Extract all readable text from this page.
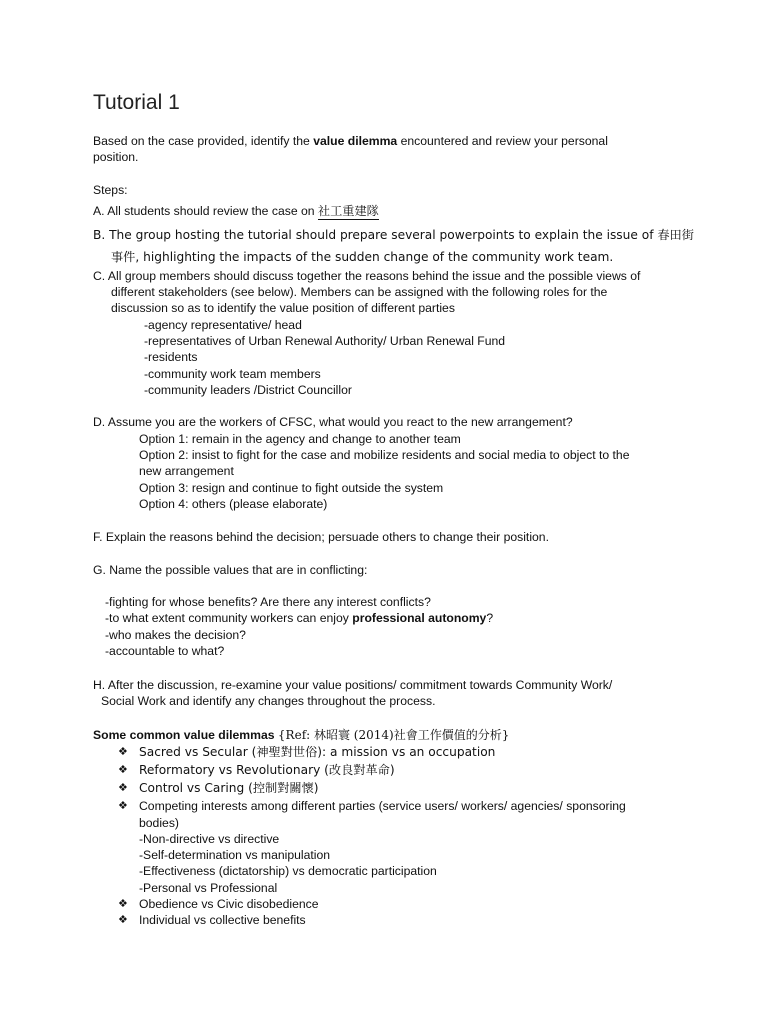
Tutorial 1
Based on the case provided, identify the value dilemma encountered and review your personal
position.
Steps:
A. All students should review the case on 社工重建隊
B. The group hosting the tutorial should prepare several powerpoints to explain the issue of 春田街
事件, highlighting the impacts of the sudden change of the community work team.
C. All group members should discuss together the reasons behind the issue and the possible views of
different stakeholders (see below). Members can be assigned with the following roles for the
discussion so as to identify the value position of different parties
-agency representative/ head
-representatives of Urban Renewal Authority/ Urban Renewal Fund
-residents
-community work team members
-community leaders /District Councillor
D. Assume you are the workers of CFSC, what would you react to the new arrangement?
Option 1: remain in the agency and change to another team
Option 2: insist to fight for the case and mobilize residents and social media to object to the
new arrangement
Option 3: resign and continue to fight outside the system
Option 4: others (please elaborate)
F. Explain the reasons behind the decision; persuade others to change their position.
G. Name the possible values that are in conflicting:
-fighting for whose benefits? Are there any interest conflicts?
-to what extent community workers can enjoy professional autonomy?
-who makes the decision?
-accountable to what?
H. After the discussion, re-examine your value positions/ commitment towards Community Work/
Social Work and identify any changes throughout the process.
Some common value dilemmas {Ref: 林昭寰 (2014)社會工作價值的分析}
❖ Sacred vs Secular (神聖對世俗): a mission vs an occupation
❖ Reformatory vs Revolutionary (改良對革命)
❖ Control vs Caring (控制對關懷)
❖ Competing interests among different parties (service users/ workers/ agencies/ sponsoring
bodies)
-Non-directive vs directive
-Self-determination vs manipulation
-Effectiveness (dictatorship) vs democratic participation
-Personal vs Professional
❖ Obedience vs Civic disobedience
❖ Individual vs collective benefits
